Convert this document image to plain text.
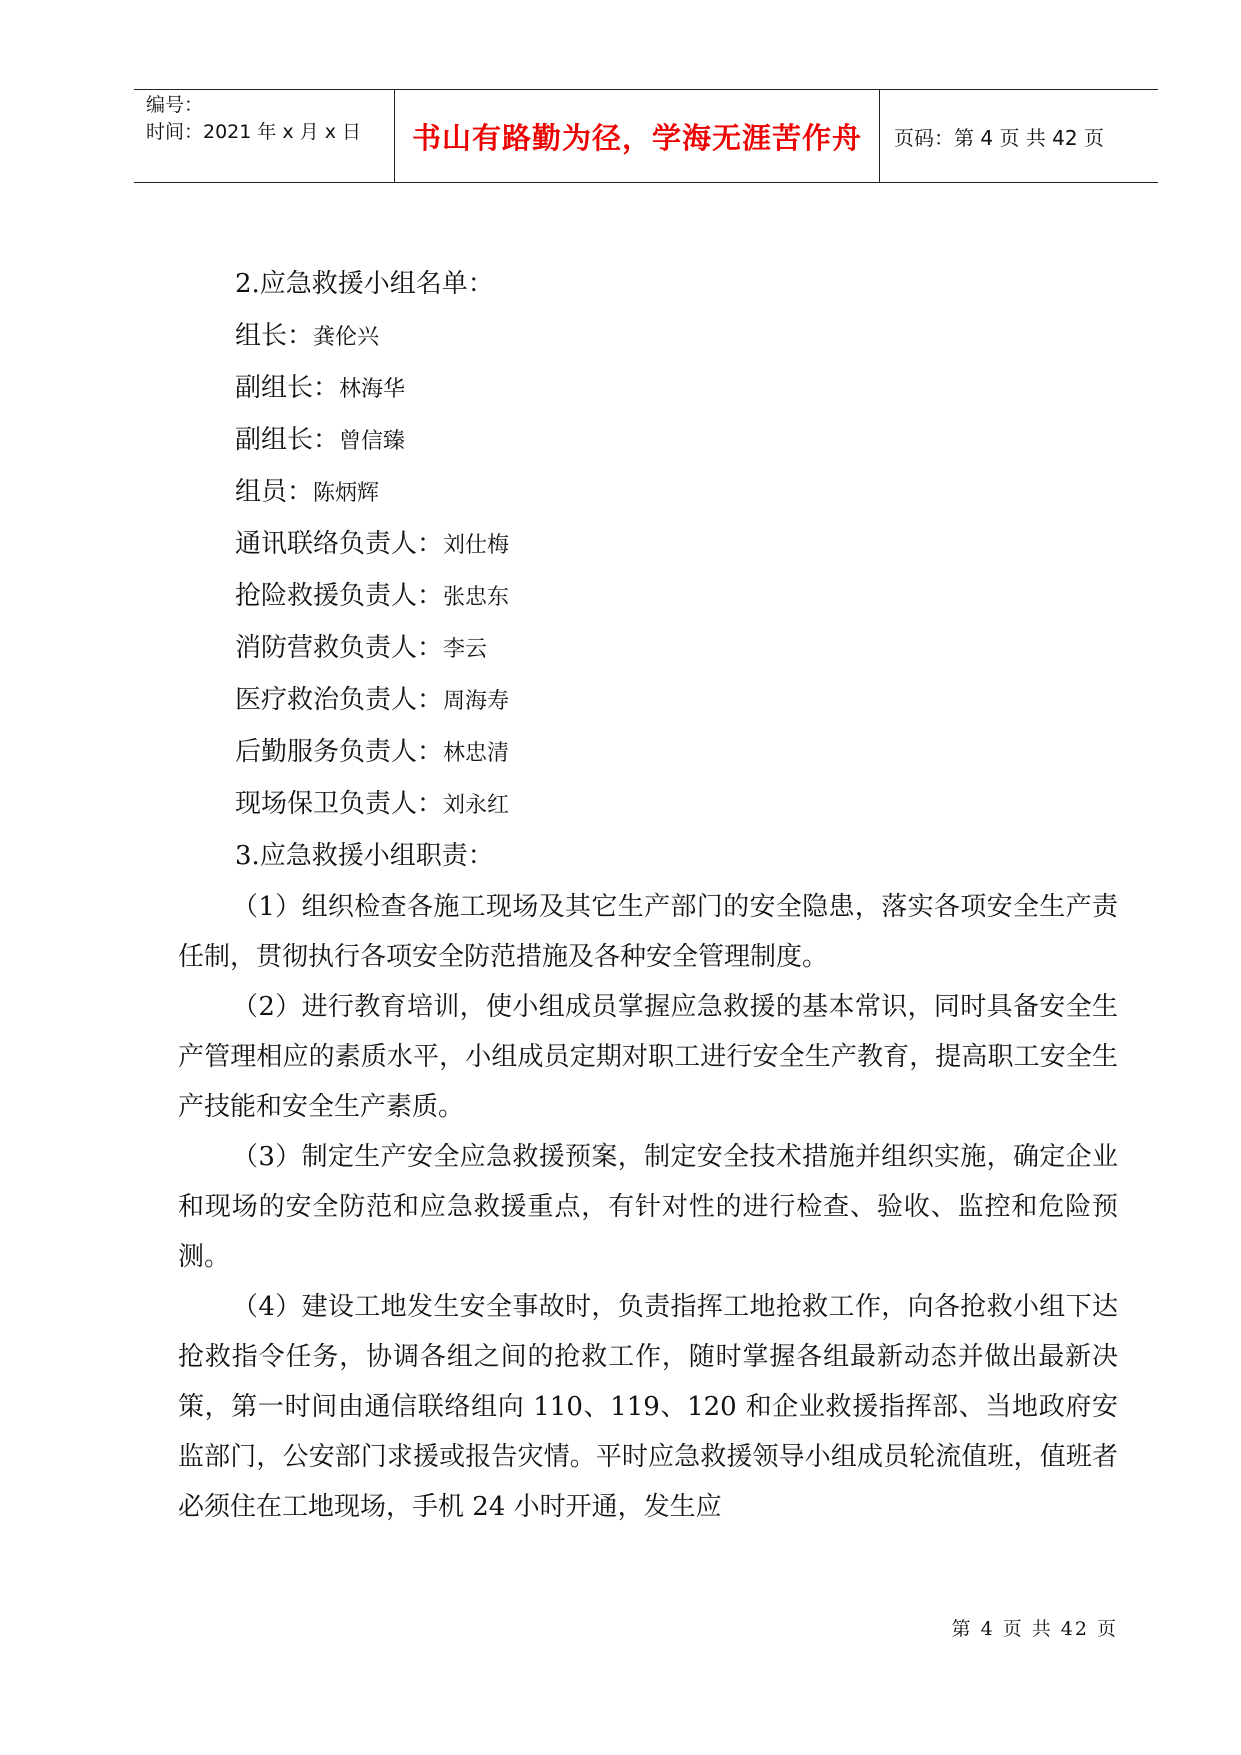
编号：
时间：2021 年 x 月 x 日	书山有路勤为径，学海无涯苦作舟	页码：第 4 页 共 42 页
2.应急救援小组名单：
组长：龚伦兴
副组长：林海华
副组长：曾信臻
组员：陈炳辉
通讯联络负责人：刘仕梅
抢险救援负责人：张忠东
消防营救负责人：李云
医疗救治负责人：周海寿
后勤服务负责人：林忠清
现场保卫负责人：刘永红
3.应急救援小组职责：

（1）组织检查各施工现场及其它生产部门的安全隐患，落实各项安全生产责任制，贯彻执行各项安全防范措施及各种安全管理制度。

（2）进行教育培训，使小组成员掌握应急救援的基本常识，同时具备安全生产管理相应的素质水平，小组成员定期对职工进行安全生产教育，提高职工安全生产技能和安全生产素质。

（3）制定生产安全应急救援预案，制定安全技术措施并组织实施，确定企业和现场的安全防范和应急救援重点，有针对性的进行检查、验收、监控和危险预测。

（4）建设工地发生安全事故时，负责指挥工地抢救工作，向各抢救小组下达抢救指令任务，协调各组之间的抢救工作，随时掌握各组最新动态并做出最新决策，第一时间由通信联络组向 110、119、120 和企业救援指挥部、当地政府安监部门，公安部门求援或报告灾情。平时应急救援领导小组成员轮流值班，值班者必须住在工地现场，手机 24 小时开通，发生应

第 4 页 共 42 页
